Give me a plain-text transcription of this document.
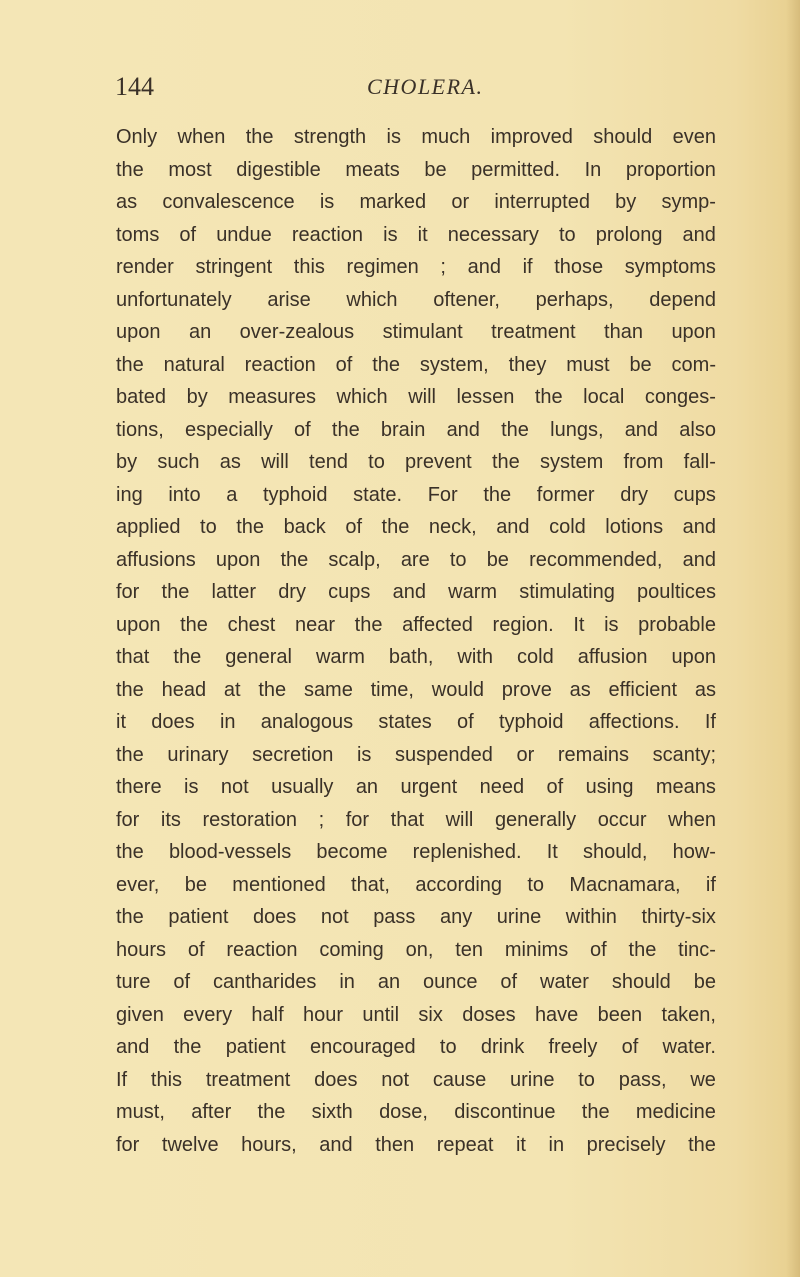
144	CHOLERA.
Only when the strength is much improved should even
the most digestible meats be permitted. In proportion
as convalescence is marked or interrupted by symp-
toms of undue reaction is it necessary to prolong and
render stringent this regimen ; and if those symptoms
unfortunately arise which oftener, perhaps, depend
upon an over-zealous stimulant treatment than upon
the natural reaction of the system, they must be com-
bated by measures which will lessen the local conges-
tions, especially of the brain and the lungs, and also
by such as will tend to prevent the system from fall-
ing into a typhoid state. For the former dry cups
applied to the back of the neck, and cold lotions and
affusions upon the scalp, are to be recommended, and
for the latter dry cups and warm stimulating poultices
upon the chest near the affected region. It is probable
that the general warm bath, with cold affusion upon
the head at the same time, would prove as efficient as
it does in analogous states of typhoid affections. If
the urinary secretion is suspended or remains scanty;
there is not usually an urgent need of using means
for its restoration ; for that will generally occur when
the blood-vessels become replenished. It should, how-
ever, be mentioned that, according to Macnamara, if
the patient does not pass any urine within thirty-six
hours of reaction coming on, ten minims of the tinc-
ture of cantharides in an ounce of water should be
given every half hour until six doses have been taken,
and the patient encouraged to drink freely of water.
If this treatment does not cause urine to pass, we
must, after the sixth dose, discontinue the medicine
for twelve hours, and then repeat it in precisely the
